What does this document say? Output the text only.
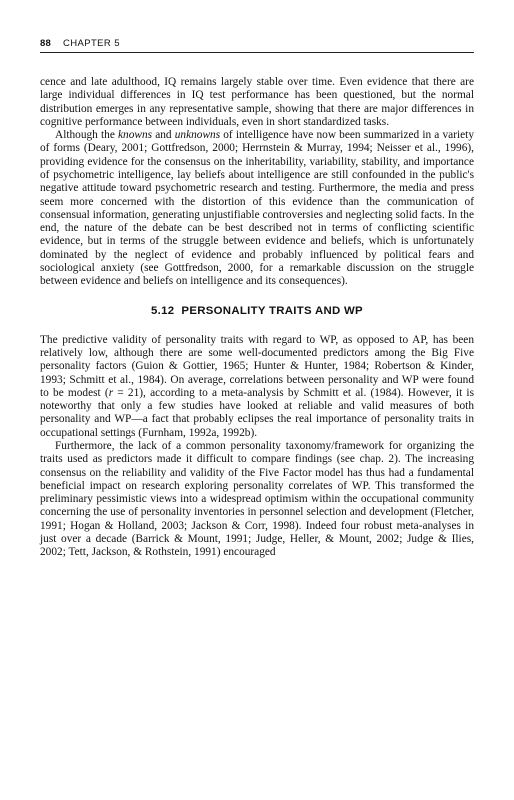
88 CHAPTER 5

cence and late adulthood, IQ remains largely stable over time. Even evidence that there are large individual differences in IQ test performance has been questioned, but the normal distribution emerges in any representative sample, showing that there are major differences in cognitive performance between individuals, even in short standardized tasks.

Although the knowns and unknowns of intelligence have now been summarized in a variety of forms (Deary, 2001; Gottfredson, 2000; Herrnstein & Murray, 1994; Neisser et al., 1996), providing evidence for the consensus on the inheritability, variability, stability, and importance of psychometric intelligence, lay beliefs about intelligence are still confounded in the public's negative attitude toward psychometric research and testing. Furthermore, the media and press seem more concerned with the distortion of this evidence than the communication of consensual information, generating unjustifiable controversies and neglecting solid facts. In the end, the nature of the debate can be best described not in terms of conflicting scientific evidence, but in terms of the struggle between evidence and beliefs, which is unfortunately dominated by the neglect of evidence and probably influenced by political fears and sociological anxiety (see Gottfredson, 2000, for a remarkable discussion on the struggle between evidence and beliefs on intelligence and its consequences).

5.12 PERSONALITY TRAITS AND WP

The predictive validity of personality traits with regard to WP, as opposed to AP, has been relatively low, although there are some well-documented predictors among the Big Five personality factors (Guion & Gottier, 1965; Hunter & Hunter, 1984; Robertson & Kinder, 1993; Schmitt et al., 1984). On average, correlations between personality and WP were found to be modest (r = 21), according to a meta-analysis by Schmitt et al. (1984). However, it is noteworthy that only a few studies have looked at reliable and valid measures of both personality and WP—a fact that probably eclipses the real importance of personality traits in occupational settings (Furnham, 1992a, 1992b).

Furthermore, the lack of a common personality taxonomy/framework for organizing the traits used as predictors made it difficult to compare findings (see chap. 2). The increasing consensus on the reliability and validity of the Five Factor model has thus had a fundamental beneficial impact on research exploring personality correlates of WP. This transformed the preliminary pessimistic views into a widespread optimism within the occupational community concerning the use of personality inventories in personnel selection and development (Fletcher, 1991; Hogan & Holland, 2003; Jackson & Corr, 1998). Indeed four robust meta-analyses in just over a decade (Barrick & Mount, 1991; Judge, Heller, & Mount, 2002; Judge & Ilies, 2002; Tett, Jackson, & Rothstein, 1991) encouraged
